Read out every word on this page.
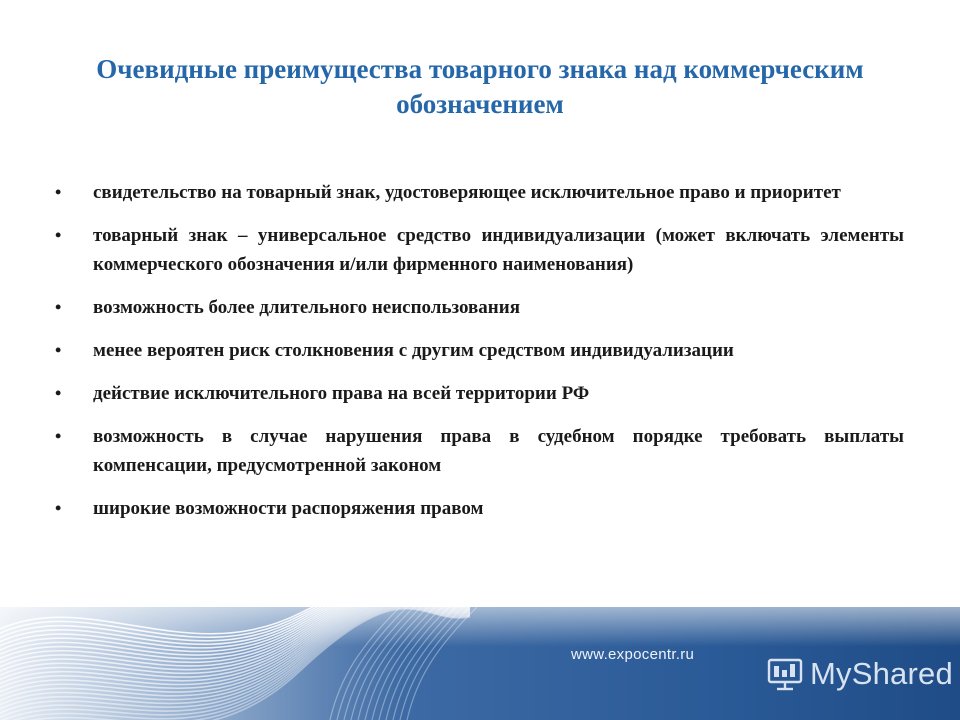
Очевидные преимущества товарного знака над коммерческим обозначением
• свидетельство на товарный знак, удостоверяющее исключительное право и приоритет
• товарный знак – универсальное средство индивидуализации (может включать элементы коммерческого обозначения и/или фирменного наименования)
• возможность более длительного неиспользования
• менее вероятен риск столкновения с другим средством индивидуализации
• действие исключительного права на всей территории РФ
• возможность в случае нарушения права в судебном порядке требовать выплаты компенсации, предусмотренной законом
• широкие возможности распоряжения правом
www.expocentr.ru
MyShared
